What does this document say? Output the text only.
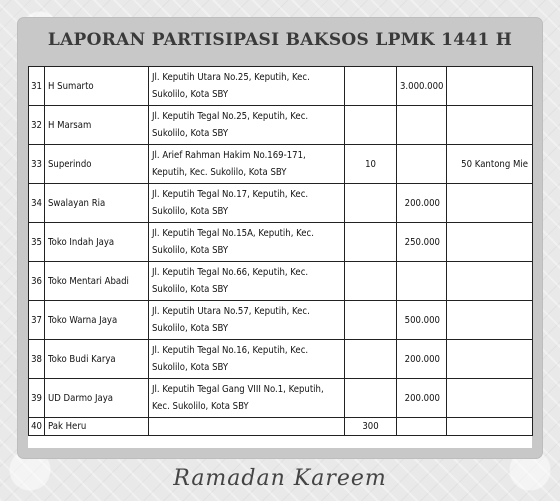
LAPORAN PARTISIPASI BAKSOS LPMK 1441 H
31	H Sumarto	Jl. Keputih Utara No.25, Keputih, Kec. Sukolilo, Kota SBY		3.000.000	
32	H Marsam	Jl. Keputih Tegal No.25, Keputih, Kec. Sukolilo, Kota SBY			
33	Superindo	Jl. Arief Rahman Hakim No.169-171, Keputih, Kec. Sukolilo, Kota SBY	10		50 Kantong Mie
34	Swalayan Ria	Jl. Keputih Tegal No.17, Keputih, Kec. Sukolilo, Kota SBY		200.000	
35	Toko Indah Jaya	Jl. Keputih Tegal No.15A, Keputih, Kec. Sukolilo, Kota SBY		250.000	
36	Toko Mentari Abadi	Jl. Keputih Tegal No.66, Keputih, Kec. Sukolilo, Kota SBY			
37	Toko Warna Jaya	Jl. Keputih Utara No.57, Keputih, Kec. Sukolilo, Kota SBY		500.000	
38	Toko Budi Karya	Jl. Keputih Tegal No.16, Keputih, Kec. Sukolilo, Kota SBY		200.000	
39	UD Darmo Jaya	Jl. Keputih Tegal Gang VIII No.1, Keputih, Kec. Sukolilo, Kota SBY		200.000	
40	Pak Heru		300		
Ramadan Kareem
